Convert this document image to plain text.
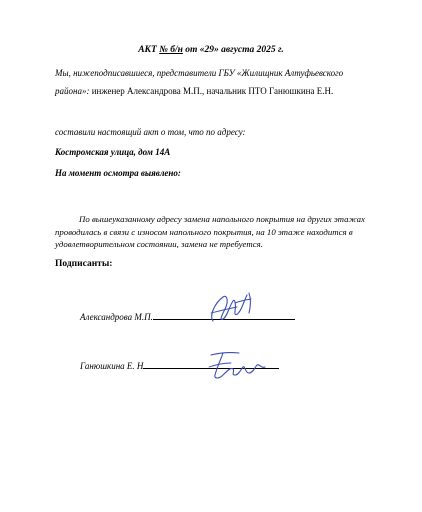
АКТ № б/н от «29» августа 2025 г.
Мы, нижеподписавшиеся, представители ГБУ «Жилищник Алтуфьевского
района»: инженер Александрова М.П., начальник ПТО Ганюшкина Е.Н.
составили настоящий акт о том, что по адресу:
Костромская улица, дом 14А
На момент осмотра выявлено:
По вышеуказанному адресу замена напольного покрытия на других этажах проводилась в связи с износом напольного покрытия, на 10 этаже находится в удовлетворительном состоянии, замена не требуется.
Подписанты:
Александрова М.П.
Ганюшкина Е. Н
